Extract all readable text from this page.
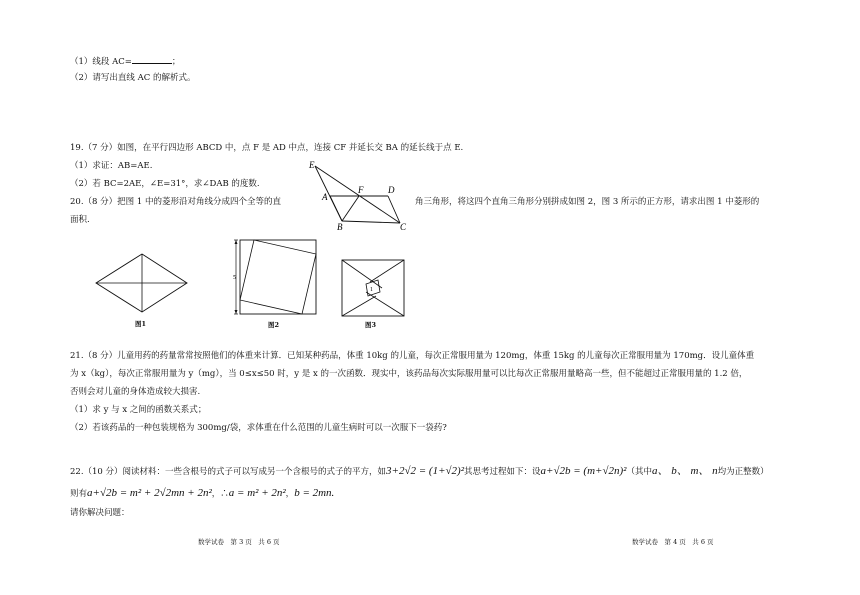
（1）线段 AC=	；
（2）请写出直线 AC 的解析式。
19.（7 分）如图，在平行四边形 ABCD 中，点 F 是 AD 中点，连接 CF 并延长交 BA 的延长线于点 E.
（1）求证：AB=AE.
（2）若 BC=2AE，∠E=31°，求∠DAB 的度数.
E
F	D
A
B	C
20.（8 分）把图 1 中的菱形沿对角线分成四个全等的直	角三角形，将这四个直角三角形分别拼成如图 2，图 3 所示的正方形，请求出图 1 中菱形的
面积.
图1
5
图2
1
图3
21.（8 分）儿童用药的药量常常按照他们的体重来计算．已知某种药品，体重 10kg 的儿童，每次正常服用量为 120mg，体重 15kg 的儿童每次正常服用量为 170mg．设儿童体重
为 x（kg），每次正常服用量为 y（mg），当 0≤x≤50 时，y 是 x 的一次函数．现实中，该药品每次实际服用量可以比每次正常服用量略高一些，但不能超过正常服用量的 1.2 倍，
否则会对儿童的身体造成较大损害.
（1）求 y 与 x 之间的函数关系式；
（2）若该药品的一种包装规格为 300mg/袋，求体重在什么范围的儿童生病时可以一次服下一袋药?
22.（10 分）阅读材料：一些含根号的式子可以写成另一个含根号的式子的平方，如3+2√2 = (1+√2)²其思考过程如下：设a+√2b = (m+√2n)²（其中a、 b、 m、 n均为正整数）
则有a+√2b = m² + 2√2mn + 2n²，∴a = m² + 2n²，b = 2mn.
请你解决问题：
数学试卷　第 3 页　共 6 页	数学试卷　第 4 页　共 6 页
